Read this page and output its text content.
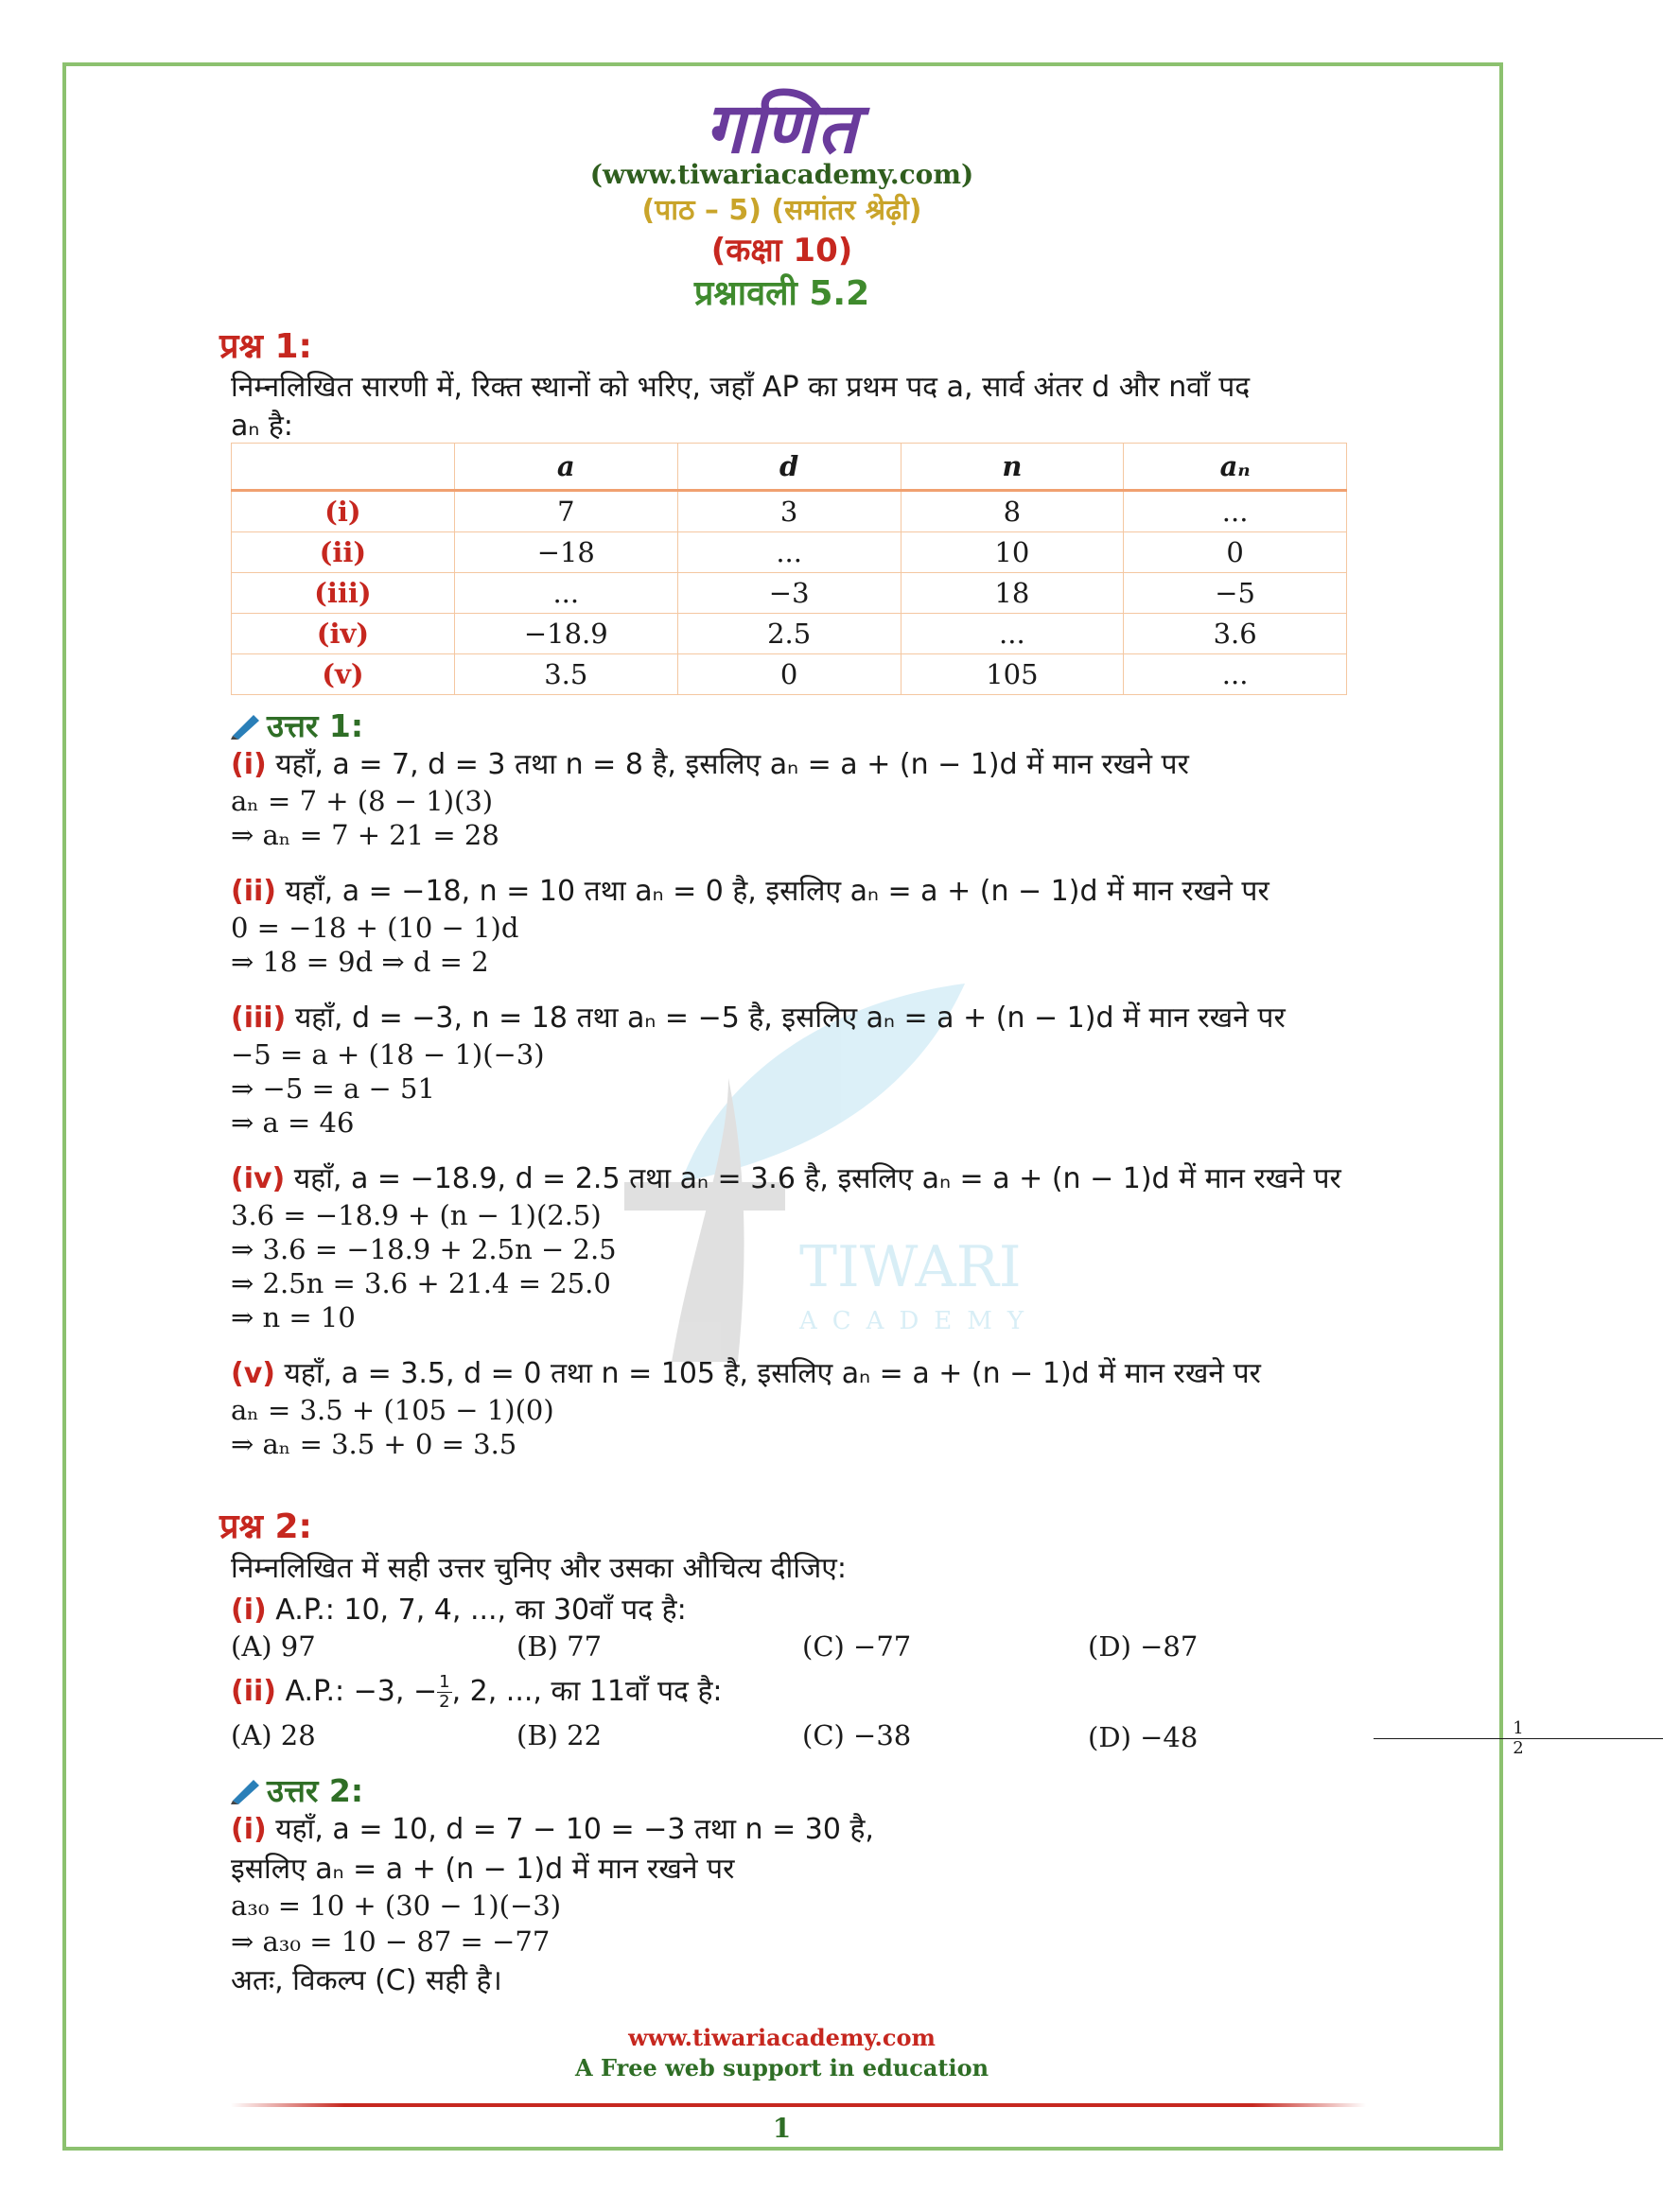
TIWARI
ACADEMY
गणित
(www.tiwariacademy.com)
(पाठ – 5) (समांतर श्रेढ़ी)
(कक्षा 10)
प्रश्नावली 5.2
प्रश्न 1:
निम्नलिखित सारणी में, रिक्त स्थानों को भरिए, जहाँ AP का प्रथम पद a, सार्व अंतर d और nवाँ पद
aₙ है:
	a	d	n	aₙ
(i)	7	3	8	...
(ii)	−18	...	10	0
(iii)	...	−3	18	−5
(iv)	−18.9	2.5	...	3.6
(v)	3.5	0	105	...
उत्तर 1:
(i) यहाँ, a = 7, d = 3 तथा n = 8 है, इसलिए aₙ = a + (n − 1)d में मान रखने पर
aₙ = 7 + (8 − 1)(3)
⇒ aₙ = 7 + 21 = 28
(ii) यहाँ, a = −18, n = 10 तथा aₙ = 0 है, इसलिए aₙ = a + (n − 1)d में मान रखने पर
0 = −18 + (10 − 1)d
⇒ 18 = 9d ⇒ d = 2
(iii) यहाँ, d = −3, n = 18 तथा aₙ = −5 है, इसलिए aₙ = a + (n − 1)d में मान रखने पर
−5 = a + (18 − 1)(−3)
⇒ −5 = a − 51
⇒ a = 46
(iv) यहाँ, a = −18.9, d = 2.5 तथा aₙ = 3.6 है, इसलिए aₙ = a + (n − 1)d में मान रखने पर
3.6 = −18.9 + (n − 1)(2.5)
⇒ 3.6 = −18.9 + 2.5n − 2.5
⇒ 2.5n = 3.6 + 21.4 = 25.0
⇒ n = 10
(v) यहाँ, a = 3.5, d = 0 तथा n = 105 है, इसलिए aₙ = a + (n − 1)d में मान रखने पर
aₙ = 3.5 + (105 − 1)(0)
⇒ aₙ = 3.5 + 0 = 3.5
प्रश्न 2:
निम्नलिखित में सही उत्तर चुनिए और उसका औचित्य दीजिए:
(i) A.P.: 10, 7, 4, ..., का 30वाँ पद है:
(A) 97	(B) 77	(C) −77	(D) −87
(ii) A.P.: −3, − $\frac{1}{2}$ , 2, ..., का 11वाँ पद है:
(A) 28	(B) 22	(C) −38	(D) −48	$\frac{1}{2}$
उत्तर 2:
(i) यहाँ, a = 10, d = 7 − 10 = −3 तथा n = 30 है,
इसलिए aₙ = a + (n − 1)d में मान रखने पर
a₃₀ = 10 + (30 − 1)(−3)
⇒ a₃₀ = 10 − 87 = −77
अतः, विकल्प (C) सही है।
www.tiwariacademy.com
A Free web support in education
1
